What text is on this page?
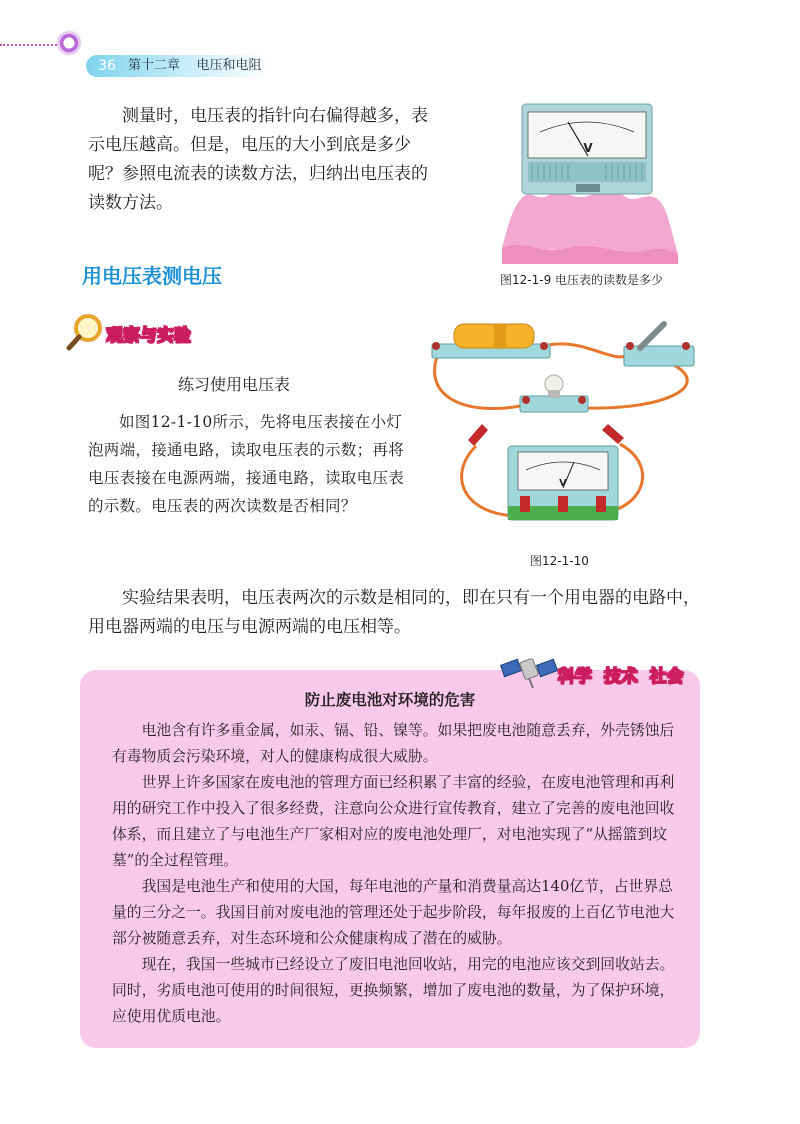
36 第十二章    电压和电阻

测量时，电压表的指针向右偏得越多，表示电压越高。但是，电压的大小到底是多少呢？参照电流表的读数方法，归纳出电压表的读数方法。

V
图12-1-9 电压表的读数是多少
用电压表测电压
观察与实验
练习使用电压表

如图12-1-10所示，先将电压表接在小灯泡两端，接通电路，读取电压表的示数；再将电压表接在电源两端，接通电路，读取电压表的示数。电压表的两次读数是否相同？

V
图12-1-10

实验结果表明，电压表两次的示数是相同的，即在只有一个用电器的电路中，用电器两端的电压与电源两端的电压相等。

科学  技术  社会
防止废电池对环境的危害

电池含有许多重金属，如汞、镉、铅、镍等。如果把废电池随意丢弃，外壳锈蚀后有毒物质会污染环境，对人的健康构成很大威胁。

世界上许多国家在废电池的管理方面已经积累了丰富的经验，在废电池管理和再利用的研究工作中投入了很多经费，注意向公众进行宣传教育，建立了完善的废电池回收体系，而且建立了与电池生产厂家相对应的废电池处理厂，对电池实现了“从摇篮到坟墓”的全过程管理。

我国是电池生产和使用的大国，每年电池的产量和消费量高达140亿节，占世界总量的三分之一。我国目前对废电池的管理还处于起步阶段，每年报废的上百亿节电池大部分被随意丢弃，对生态环境和公众健康构成了潜在的威胁。

现在，我国一些城市已经设立了废旧电池回收站，用完的电池应该交到回收站去。同时，劣质电池可使用的时间很短，更换频繁，增加了废电池的数量，为了保护环境，应使用优质电池。
